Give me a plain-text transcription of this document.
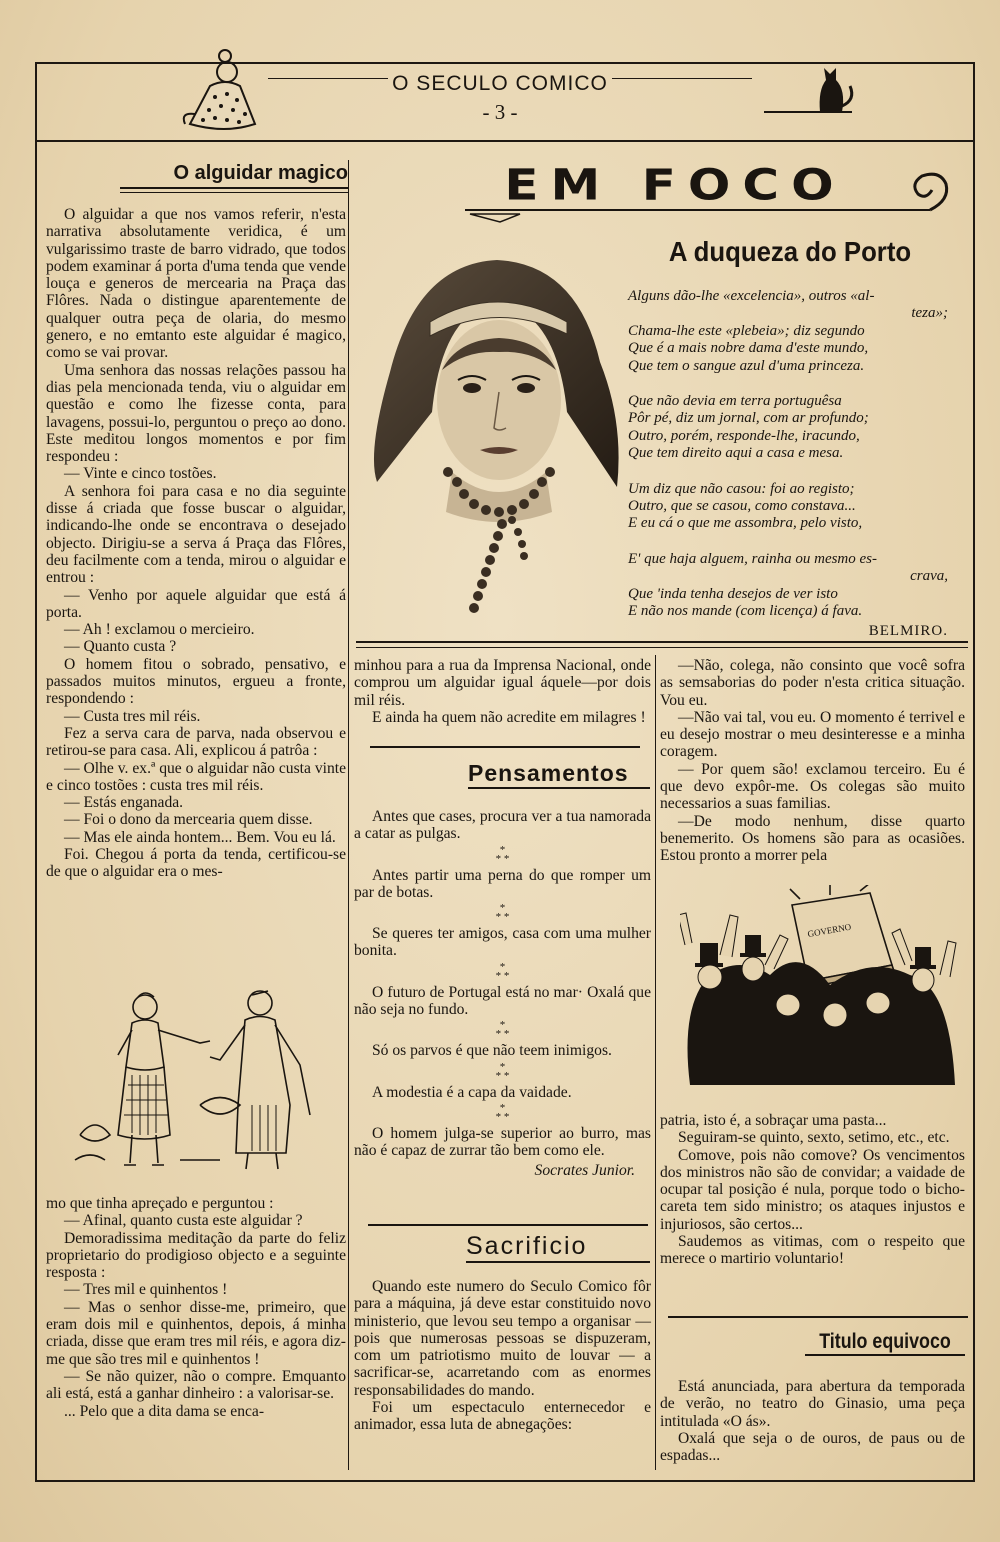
O SECULO COMICO
- 3 -
O alguidar magico

O alguidar a que nos vamos referir, n'esta narrativa absolutamente veridica, é um vulgarissimo traste de barro vidrado, que todos podem examinar á porta d'uma tenda que vende louça e generos de mercearia na Praça das Flôres. Nada o distingue aparentemente de qualquer outra peça de olaria, do mesmo genero, e no emtanto este alguidar é magico, como se vai provar.

Uma senhora das nossas relações passou ha dias pela mencionada tenda, viu o alguidar em questão e como lhe fizesse conta, para lavagens, possui-lo, perguntou o preço ao dono. Este meditou longos momentos e por fim respondeu :

— Vinte e cinco tostões.

A senhora foi para casa e no dia seguinte disse á criada que fosse buscar o alguidar, indicando-lhe onde se encontrava o desejado objecto. Dirigiu-se a serva á Praça das Flôres, deu facilmente com a tenda, mirou o alguidar e entrou :

— Venho por aquele alguidar que está á porta.

— Ah ! exclamou o mercieiro.

— Quanto custa ?

O homem fitou o sobrado, pensativo, e passados muitos minutos, ergueu a fronte, respondendo :

— Custa tres mil réis.

Fez a serva cara de parva, nada observou e retirou-se para casa. Ali, explicou á patrôa :

— Olhe v. ex.ª que o alguidar não custa vinte e cinco tostões : custa tres mil réis.

— Estás enganada.

— Foi o dono da mercearia quem disse.

— Mas ele ainda hontem... Bem. Vou eu lá.

Foi. Chegou á porta da tenda, certificou-se de que o alguidar era o mes-

mo que tinha apreçado e perguntou :

— Afinal, quanto custa este alguidar ?

Demoradissima meditação da parte do feliz proprietario do prodigioso objecto e a seguinte resposta :

— Tres mil e quinhentos !

— Mas o senhor disse-me, primeiro, que eram dois mil e quinhentos, depois, á minha criada, disse que eram tres mil réis, e agora diz-me que são tres mil e quinhentos !

— Se não quizer, não o compre. Emquanto ali está, está a ganhar dinheiro : a valorisar-se.

... Pelo que a dita dama se enca-

EM FOCO
A duqueza do Porto

Alguns dão-lhe «excelencia», outros «al-

teza»;

Chama-lhe este «plebeia»; diz segundo

Que é a mais nobre dama d'este mundo,

Que tem o sangue azul d'uma princeza.

Que não devia em terra portuguêsa

Pôr pé, diz um jornal, com ar profundo;

Outro, porém, responde-lhe, iracundo,

Que tem direito aqui a casa e mesa.

Um diz que não casou: foi ao registo;

Outro, que se casou, como constava...

E eu cá o que me assombra, pelo visto,

E' que haja alguem, rainha ou mesmo es-

crava,

Que 'inda tenha desejos de ver isto

E não nos mande (com licença) á fava.

BELMIRO.

minhou para a rua da Imprensa Nacional, onde comprou um alguidar igual áquele—por dois mil réis.

E ainda ha quem não acredite em milagres !

Pensamentos

Antes que cases, procura ver a tua namorada a catar as pulgas.

*
* *

Antes partir uma perna do que romper um par de botas.

*
* *

Se queres ter amigos, casa com uma mulher bonita.

*
* *

O futuro de Portugal está no mar· Oxalá que não seja no fundo.

*
* *

Só os parvos é que não teem inimigos.

*
* *

A modestia é a capa da vaidade.

*
* *

O homem julga-se superior ao burro, mas não é capaz de zurrar tão bem como ele.

Socrates Junior.

Sacrificio

Quando este numero do Seculo Comico fôr para a máquina, já deve estar constituido novo ministerio, que levou seu tempo a organisar — pois que numerosas pessoas se dispuzeram, com um patriotismo muito de louvar — a sacrificar-se, acarretando com as enormes responsabilidades do mando.

Foi um espectaculo enternecedor e animador, essa luta de abnegações:

—Não, colega, não consinto que você sofra as semsaborias do poder n'esta critica situação. Vou eu.

—Não vai tal, vou eu. O momento é terrivel e eu desejo mostrar o meu desinteresse e a minha coragem.

— Por quem são! exclamou terceiro. Eu é que devo expôr-me. Os colegas são muito necessarios a suas familias.

—De modo nenhum, disse quarto benemerito. Os homens são para as ocasiões. Estou pronto a morrer pela

GOVERNO

patria, isto é, a sobraçar uma pasta...

Seguiram-se quinto, sexto, setimo, etc., etc.

Comove, pois não comove? Os vencimentos dos ministros não são de convidar; a vaidade de ocupar tal posição é nula, porque todo o bicho-careta tem sido ministro; os ataques injustos e injuriosos, são certos...

Saudemos as vitimas, com o respeito que merece o martirio voluntario!

Titulo equivoco

Está anunciada, para abertura da temporada de verão, no teatro do Ginasio, uma peça intitulada «O ás».

Oxalá que seja o de ouros, de paus ou de espadas...
